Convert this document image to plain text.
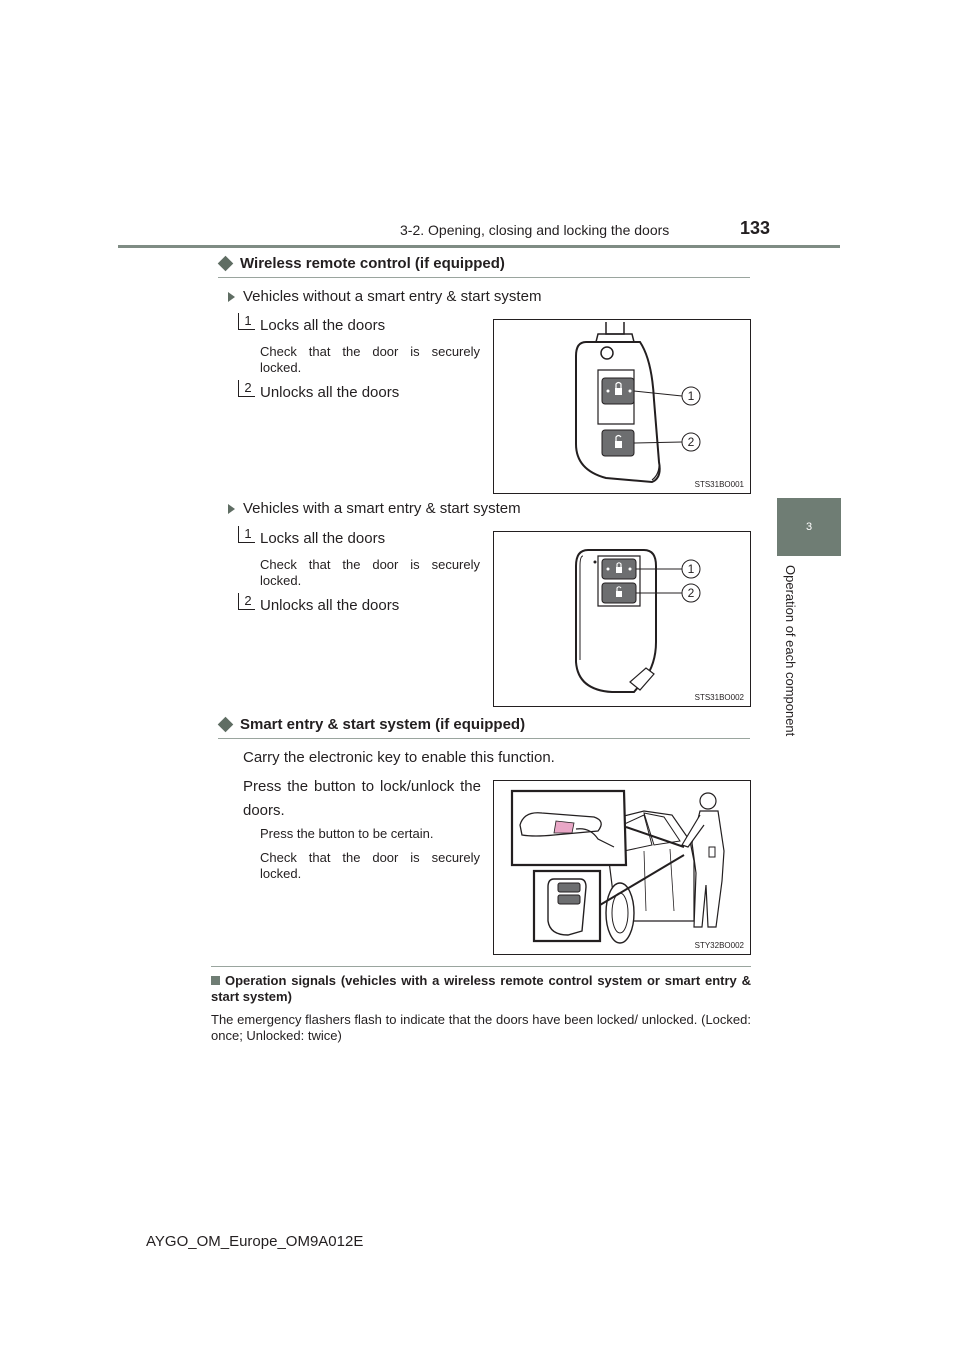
3-2. Opening, closing and locking the doors	133
3
Operation of each component
Wireless remote control (if equipped)
Vehicles without a smart entry & start system
1 Locks all the doors
Check that the door is securely locked.
2 Unlocks all the doors	1
2
STS31BO001
Vehicles with a smart entry & start system
1 Locks all the doors
Check that the door is securely locked.
2 Unlocks all the doors
1
2
STS31BO002
Smart entry & start system (if equipped)
Carry the electronic key to enable this function.
Press the button to lock/unlock the doors.
Press the button to be certain.
Check that the door is securely locked.
STY32BO002
Operation signals (vehicles with a wireless remote control system or smart entry & start system)
The emergency flashers flash to indicate that the doors have been locked/ unlocked. (Locked: once; Unlocked: twice)
AYGO_OM_Europe_OM9A012E
